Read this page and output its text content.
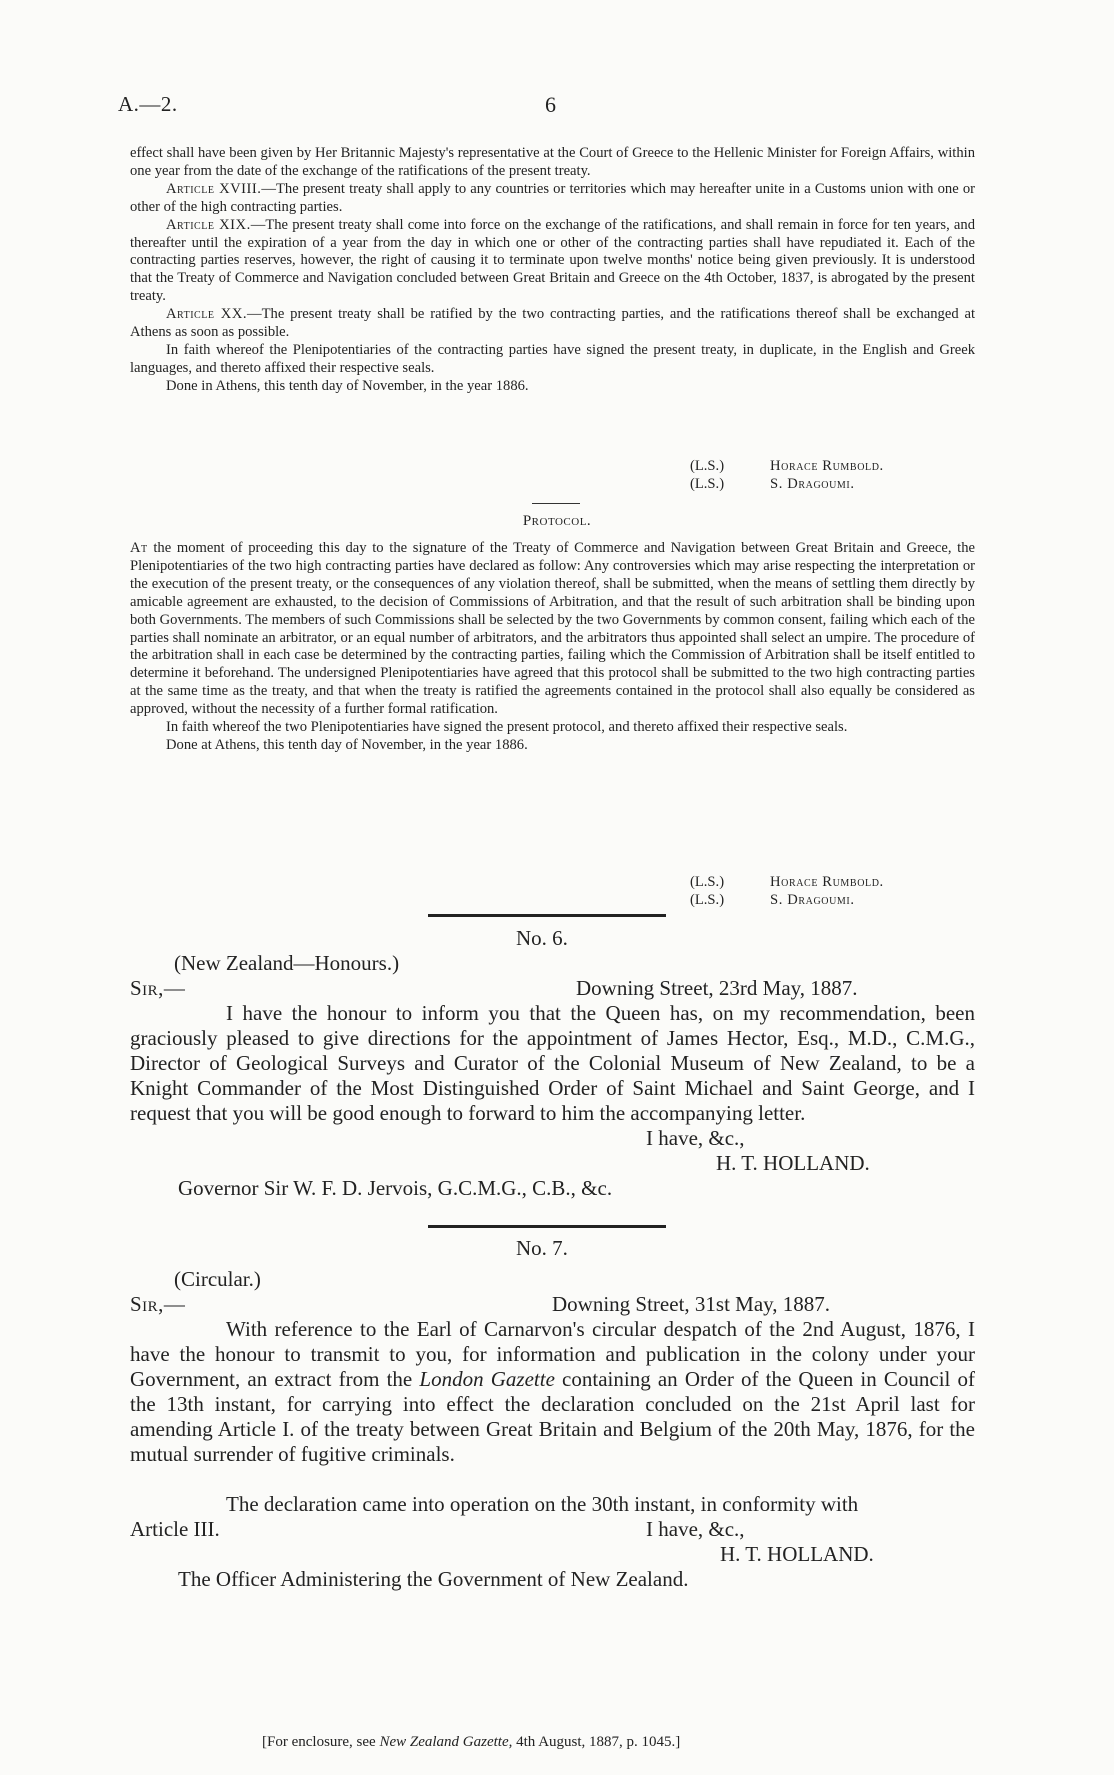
A.—2.	6

effect shall have been given by Her Britannic Majesty's representative at the Court of Greece to the Hellenic Minister for Foreign Affairs, within one year from the date of the exchange of the ratifications of the present treaty.

Article XVIII.—The present treaty shall apply to any countries or territories which may hereafter unite in a Customs union with one or other of the high contracting parties.

Article XIX.—The present treaty shall come into force on the exchange of the ratifications, and shall remain in force for ten years, and thereafter until the expiration of a year from the day in which one or other of the contracting parties shall have repudiated it. Each of the contracting parties reserves, however, the right of causing it to terminate upon twelve months' notice being given previously. It is understood that the Treaty of Commerce and Navigation concluded between Great Britain and Greece on the 4th October, 1837, is abrogated by the present treaty.

Article XX.—The present treaty shall be ratified by the two contracting parties, and the ratifications thereof shall be exchanged at Athens as soon as possible.

In faith whereof the Plenipotentiaries of the contracting parties have signed the present treaty, in duplicate, in the English and Greek languages, and thereto affixed their respective seals.

Done in Athens, this tenth day of November, in the year 1886.

(L.S.)	Horace Rumbold.
(L.S.)	S. Dragoumi.
Protocol.

At the moment of proceeding this day to the signature of the Treaty of Commerce and Navigation between Great Britain and Greece, the Plenipotentiaries of the two high contracting parties have declared as follow: Any controversies which may arise respecting the interpretation or the execution of the present treaty, or the consequences of any violation thereof, shall be submitted, when the means of settling them directly by amicable agreement are exhausted, to the decision of Commissions of Arbitration, and that the result of such arbitration shall be binding upon both Governments. The members of such Commissions shall be selected by the two Governments by common consent, failing which each of the parties shall nominate an arbitrator, or an equal number of arbitrators, and the arbitrators thus appointed shall select an umpire. The procedure of the arbitration shall in each case be determined by the contracting parties, failing which the Commission of Arbitration shall be itself entitled to determine it beforehand. The undersigned Plenipotentiaries have agreed that this protocol shall be submitted to the two high contracting parties at the same time as the treaty, and that when the treaty is ratified the agreements contained in the protocol shall also equally be considered as approved, without the necessity of a further formal ratification.

In faith whereof the two Plenipotentiaries have signed the present protocol, and thereto affixed their respective seals.

Done at Athens, this tenth day of November, in the year 1886.

(L.S.)	Horace Rumbold.
(L.S.)	S. Dragoumi.
No. 6.
(New Zealand—Honours.)
Sir,—	Downing Street, 23rd May, 1887.

I have the honour to inform you that the Queen has, on my recommendation, been graciously pleased to give directions for the appointment of James Hector, Esq., M.D., C.M.G., Director of Geological Surveys and Curator of the Colonial Museum of New Zealand, to be a Knight Commander of the Most Distinguished Order of Saint Michael and Saint George, and I request that you will be good enough to forward to him the accompanying letter.

I have, &c.,
H. T. HOLLAND.
Governor Sir W. F. D. Jervois, G.C.M.G., C.B., &c.
No. 7.
(Circular.)
Sir,—	Downing Street, 31st May, 1887.

With reference to the Earl of Carnarvon's circular despatch of the 2nd August, 1876, I have the honour to transmit to you, for information and publication in the colony under your Government, an extract from the London Gazette containing an Order of the Queen in Council of the 13th instant, for carrying into effect the declaration concluded on the 21st April last for amending Article I. of the treaty between Great Britain and Belgium of the 20th May, 1876, for the mutual surrender of fugitive criminals.

The declaration came into operation on the 30th instant, in conformity with
Article III.	I have, &c.,
H. T. HOLLAND.
The Officer Administering the Government of New Zealand.
[For enclosure, see New Zealand Gazette, 4th August, 1887, p. 1045.]
